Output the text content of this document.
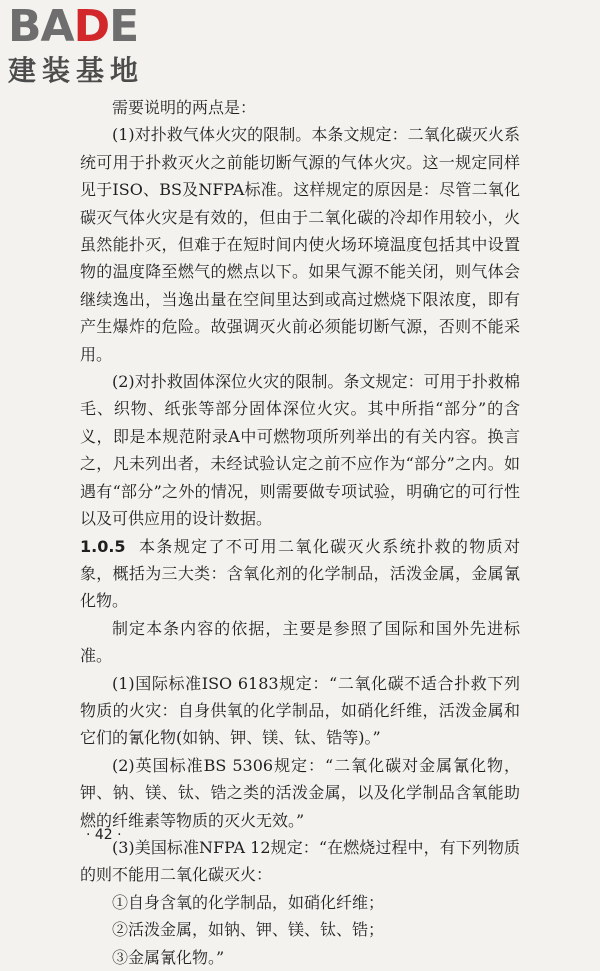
BADE
建装基地

需要说明的两点是：

(1)对扑救气体火灾的限制。本条文规定：二氧化碳灭火系统可用于扑救灭火之前能切断气源的气体火灾。这一规定同样见于ISO、BS及NFPA标准。这样规定的原因是：尽管二氧化碳灭气体火灾是有效的，但由于二氧化碳的冷却作用较小，火虽然能扑灭，但难于在短时间内使火场环境温度包括其中设置物的温度降至燃气的燃点以下。如果气源不能关闭，则气体会继续逸出，当逸出量在空间里达到或高过燃烧下限浓度，即有产生爆炸的危险。故强调灭火前必须能切断气源，否则不能采用。

(2)对扑救固体深位火灾的限制。条文规定：可用于扑救棉毛、织物、纸张等部分固体深位火灾。其中所指“部分”的含义，即是本规范附录A中可燃物项所列举出的有关内容。换言之，凡未列出者，未经试验认定之前不应作为“部分”之内。如遇有“部分”之外的情况，则需要做专项试验，明确它的可行性以及可供应用的设计数据。

1.0.5 本条规定了不可用二氧化碳灭火系统扑救的物质对象，概括为三大类：含氧化剂的化学制品，活泼金属，金属氰化物。

制定本条内容的依据，主要是参照了国际和国外先进标准。

(1)国际标准ISO 6183规定：“二氧化碳不适合扑救下列物质的火灾：自身供氧的化学制品，如硝化纤维，活泼金属和它们的氰化物(如钠、钾、镁、钛、锆等)。”

(2)英国标准BS 5306规定：“二氧化碳对金属氰化物，钾、钠、镁、钛、锆之类的活泼金属，以及化学制品含氧能助燃的纤维素等物质的灭火无效。”

(3)美国标准NFPA 12规定：“在燃烧过程中，有下列物质的则不能用二氧化碳灭火：

①自身含氧的化学制品，如硝化纤维；

②活泼金属，如钠、钾、镁、钛、锆；

③金属氰化物。”

· 42 ·
